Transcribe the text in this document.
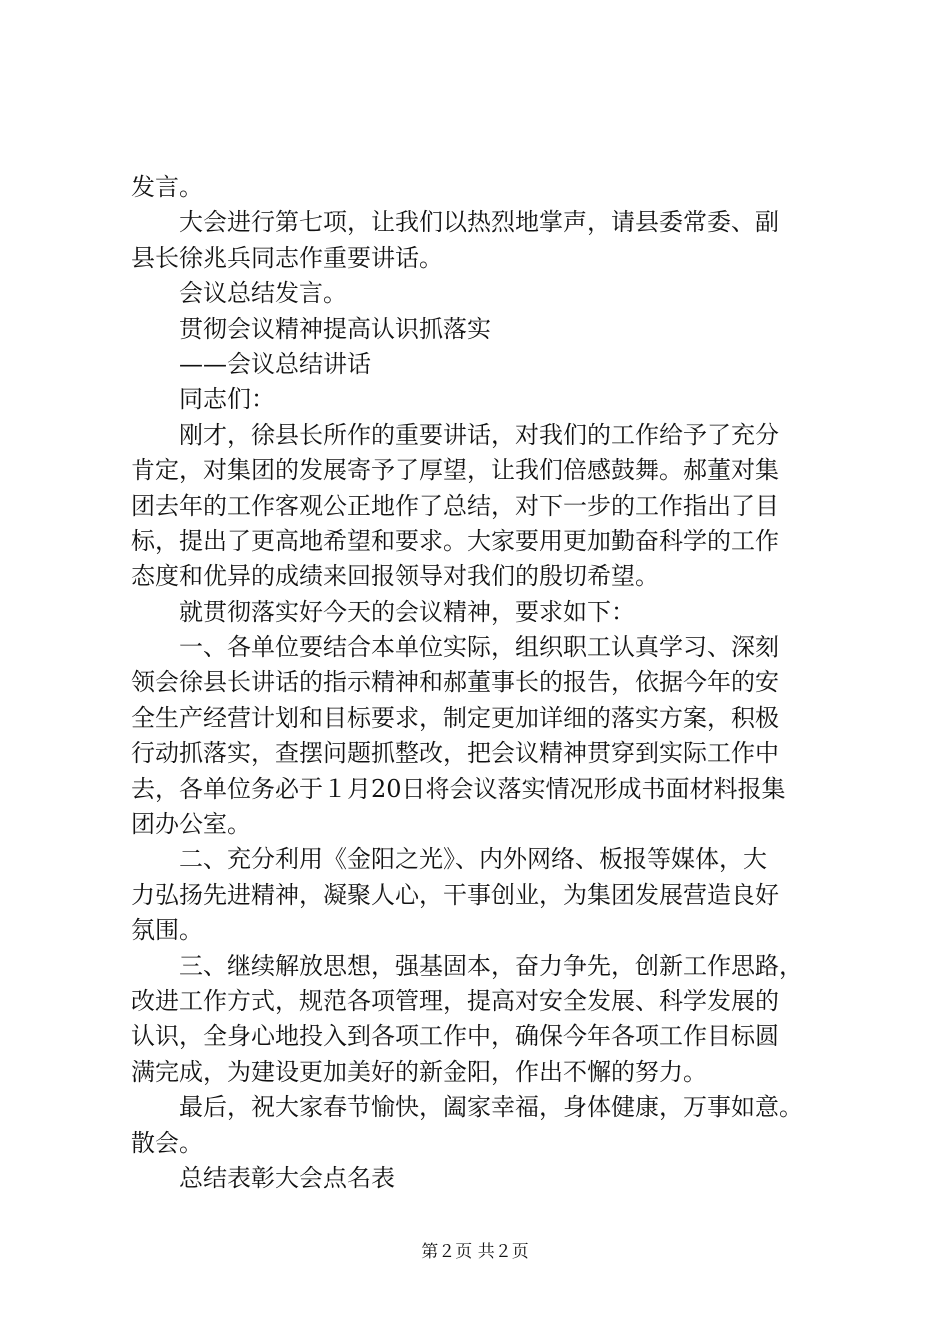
发言。
大会进行第七项，让我们以热烈地掌声，请县委常委、副
县长徐兆兵同志作重要讲话。
会议总结发言。
贯彻会议精神提高认识抓落实
——会议总结讲话
同志们：
刚才，徐县长所作的重要讲话，对我们的工作给予了充分
肯定，对集团的发展寄予了厚望，让我们倍感鼓舞。郝董对集
团去年的工作客观公正地作了总结，对下一步的工作指出了目
标，提出了更高地希望和要求。大家要用更加勤奋科学的工作
态度和优异的成绩来回报领导对我们的殷切希望。
就贯彻落实好今天的会议精神，要求如下：
一、各单位要结合本单位实际，组织职工认真学习、深刻
领会徐县长讲话的指示精神和郝董事长的报告，依据今年的安
全生产经营计划和目标要求，制定更加详细的落实方案，积极
行动抓落实，查摆问题抓整改，把会议精神贯穿到实际工作中
去，各单位务必于１月20日将会议落实情况形成书面材料报集
团办公室。
二、充分利用《金阳之光》、内外网络、板报等媒体，大
力弘扬先进精神，凝聚人心，干事创业，为集团发展营造良好
氛围。
三、继续解放思想，强基固本，奋力争先，创新工作思路，
改进工作方式，规范各项管理，提高对安全发展、科学发展的
认识，全身心地投入到各项工作中，确保今年各项工作目标圆
满完成，为建设更加美好的新金阳，作出不懈的努力。
最后，祝大家春节愉快，阖家幸福，身体健康，万事如意。
散会。
总结表彰大会点名表
第２页 共２页
